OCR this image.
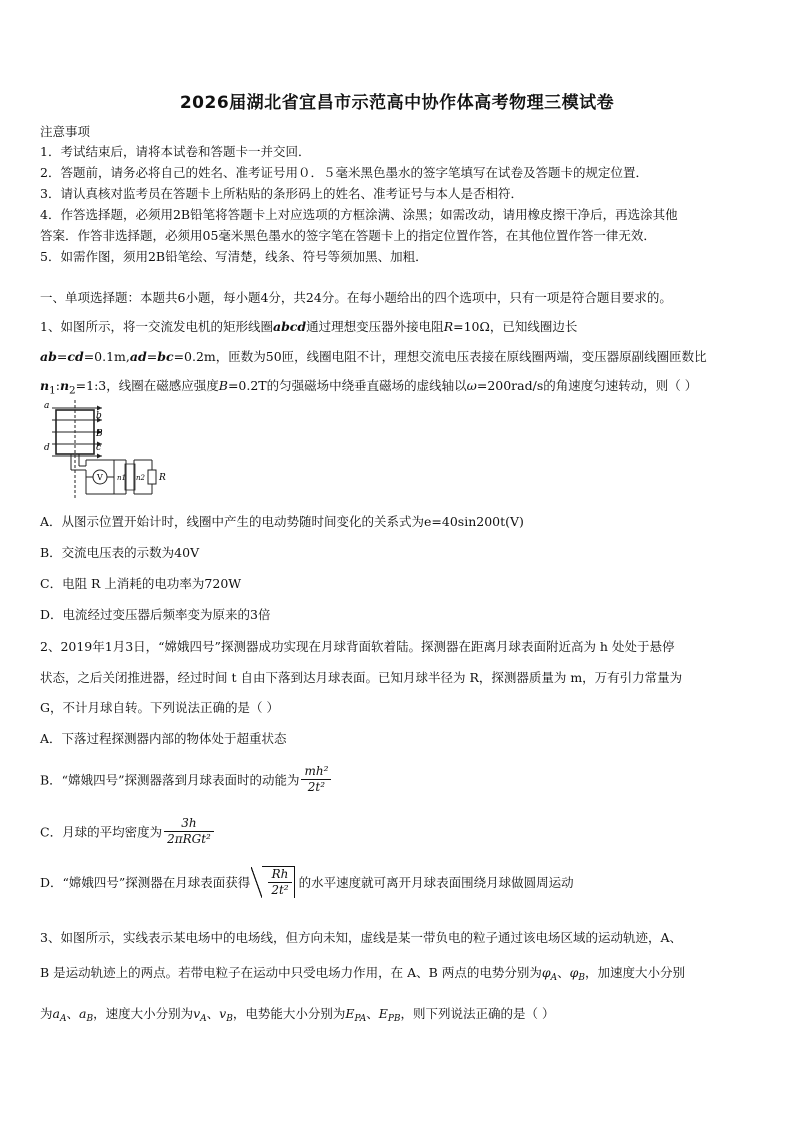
2026届湖北省宜昌市示范高中协作体高考物理三模试卷
注意事项
1．考试结束后，请将本试卷和答题卡一并交回．
2．答题前，请务必将自己的姓名、准考证号用０．５毫米黑色墨水的签字笔填写在试卷及答题卡的规定位置．
3．请认真核对监考员在答题卡上所粘贴的条形码上的姓名、准考证号与本人是否相符．
4．作答选择题，必须用2B铅笔将答题卡上对应选项的方框涂满、涂黑；如需改动，请用橡皮擦干净后，再选涂其他
答案．作答非选择题，必须用05毫米黑色墨水的签字笔在答题卡上的指定位置作答，在其他位置作答一律无效．
5．如需作图，须用2B铅笔绘、写清楚，线条、符号等须加黑、加粗．
一、单项选择题：本题共6小题，每小题4分，共24分。在每小题给出的四个选项中，只有一项是符合题目要求的。
1、如图所示，将一交流发电机的矩形线圈abcd通过理想变压器外接电阻R=10Ω，已知线圈边长
ab=cd=0.1m,ad=bc=0.2m，匝数为50匝，线圈电阻不计，理想交流电压表接在原线圈两端，变压器原副线圈匝数比
$n_1:n_2=1:3$，线圈在磁感应强度B=0.2T的匀强磁场中绕垂直磁场的虚线轴以ω=200rad/s的角速度匀速转动，则（ ）
a
b
c
d
B
V n1 n2 R
A．从图示位置开始计时，线圈中产生的电动势随时间变化的关系式为e=40sin200t(V)
B．交流电压表的示数为40V
C．电阻 R 上消耗的电功率为720W
D．电流经过变压器后频率变为原来的3倍
2、2019年1月3日，“嫦娥四号”探测器成功实现在月球背面软着陆。探测器在距离月球表面附近高为 h 处处于悬停
状态，之后关闭推进器，经过时间 t 自由下落到达月球表面。已知月球半径为 R，探测器质量为 m，万有引力常量为
G，不计月球自转。下列说法正确的是（ ）
A．下落过程探测器内部的物体处于超重状态
B．“嫦娥四号”探测器落到月球表面时的动能为 $\frac{\text{mh²}}{\text{2t²}}$
C．月球的平均密度为 $\frac{3h}{\text{2πRGt²}}$
D．“嫦娥四号”探测器在月球表面获得 $\frac{Rh}{\text{2t²}}$ 的水平速度就可离开月球表面围绕月球做圆周运动
3、如图所示，实线表示某电场中的电场线，但方向未知，虚线是某一带负电的粒子通过该电场区域的运动轨迹，A、
B 是运动轨迹上的两点。若带电粒子在运动中只受电场力作用，在 A、B 两点的电势分别为$\varphi_A$、$\varphi_B$，加速度大小分别
为$a_A$、$a_B$，速度大小分别为$v_A$、$v_B$，电势能大小分别为$E_{PA}$、$E_{PB}$，则下列说法正确的是（ ）
